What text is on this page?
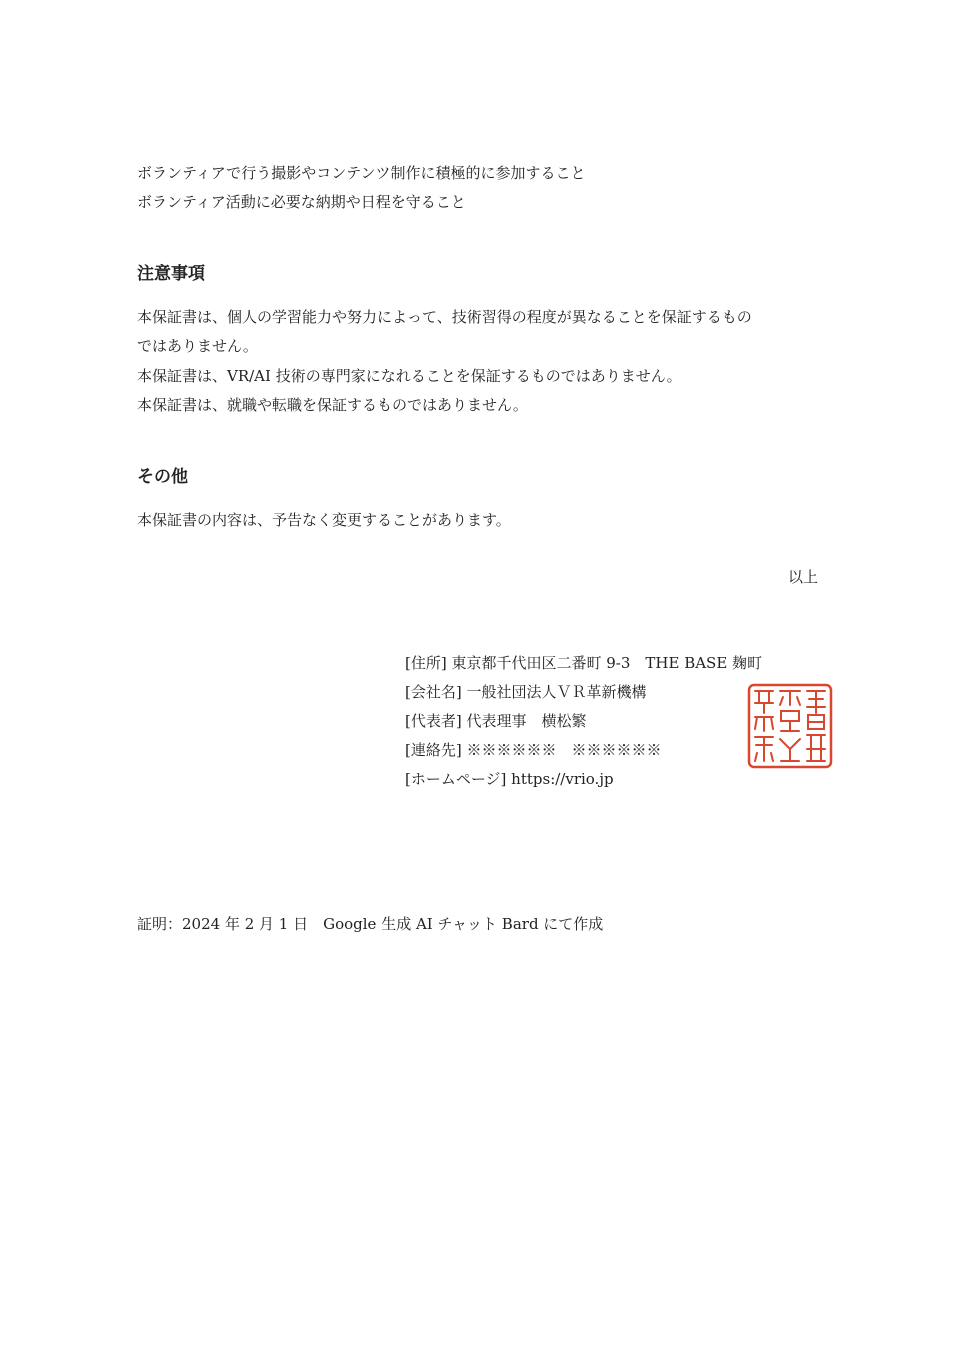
ボランティアで行う撮影やコンテンツ制作に積極的に参加すること
ボランティア活動に必要な納期や日程を守ること
注意事項
本保証書は、個人の学習能力や努力によって、技術習得の程度が異なることを保証するもの
ではありません。
本保証書は、VR/AI 技術の専門家になれることを保証するものではありません。
本保証書は、就職や転職を保証するものではありません。
その他
本保証書の内容は、予告なく変更することがあります。
以上
[住所] 東京都千代田区二番町 9-3　THE BASE 麹町
[会社名] 一般社団法人ＶＲ革新機構
[代表者] 代表理事　横松繁
[連絡先] ※※※※※※　※※※※※※
[ホームページ] https://vrio.jp
証明：2024 年 2 月 1 日　Google 生成 AI チャット Bard にて作成
